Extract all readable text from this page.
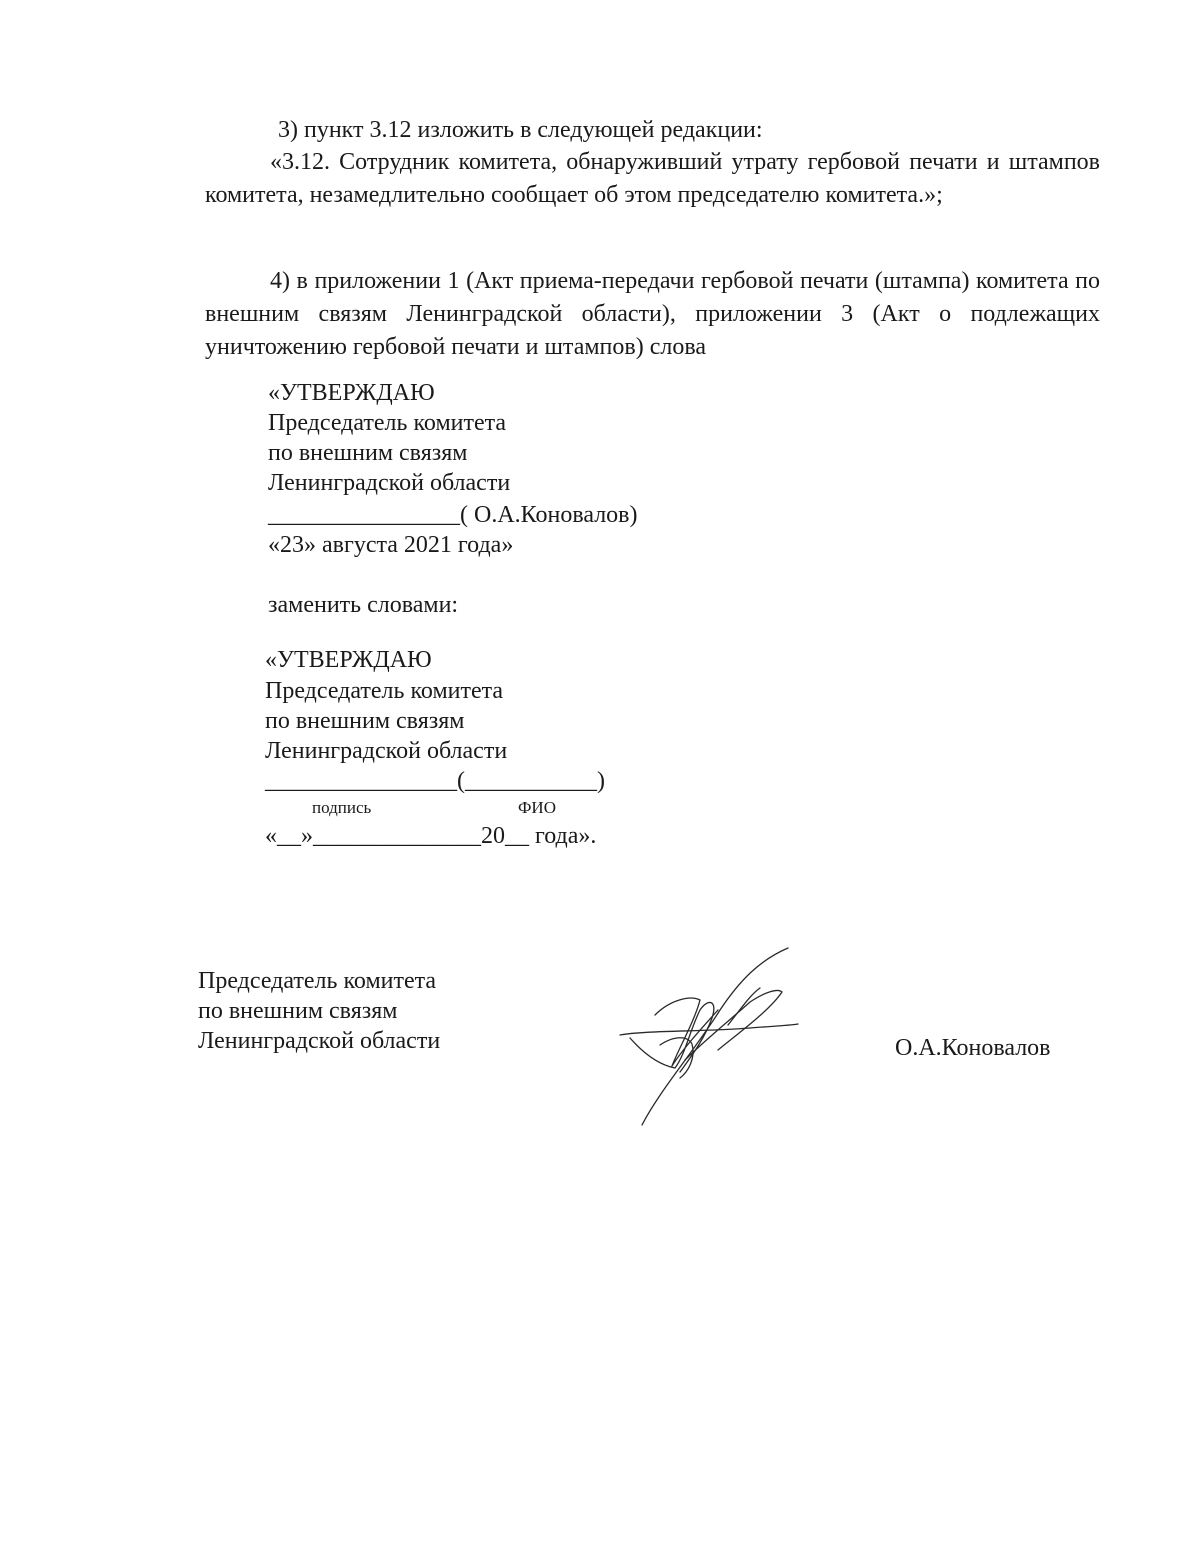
3) пункт 3.12 изложить в следующей редакции:
«3.12. Сотрудник комитета, обнаруживший утрату гербовой печати и штампов комитета, незамедлительно сообщает об этом председателю комитета.»;
4) в приложении 1 (Акт приема-передачи гербовой печати (штампа) комитета по внешним связям Ленинградской области), приложении 3 (Акт о подлежащих уничтожению гербовой печати и штампов) слова
«УТВЕРЖДАЮ
Председатель комитета
по внешним связям
Ленинградской области
________________( О.А.Коновалов)
«23» августа 2021 года»
заменить словами:
«УТВЕРЖДАЮ
Председатель комитета
по внешним связям
Ленинградской области
________________(___________)
подпись	ФИО
«__»______________20__ года».
Председатель комитета
по внешним связям
Ленинградской области	О.А.Коновалов
